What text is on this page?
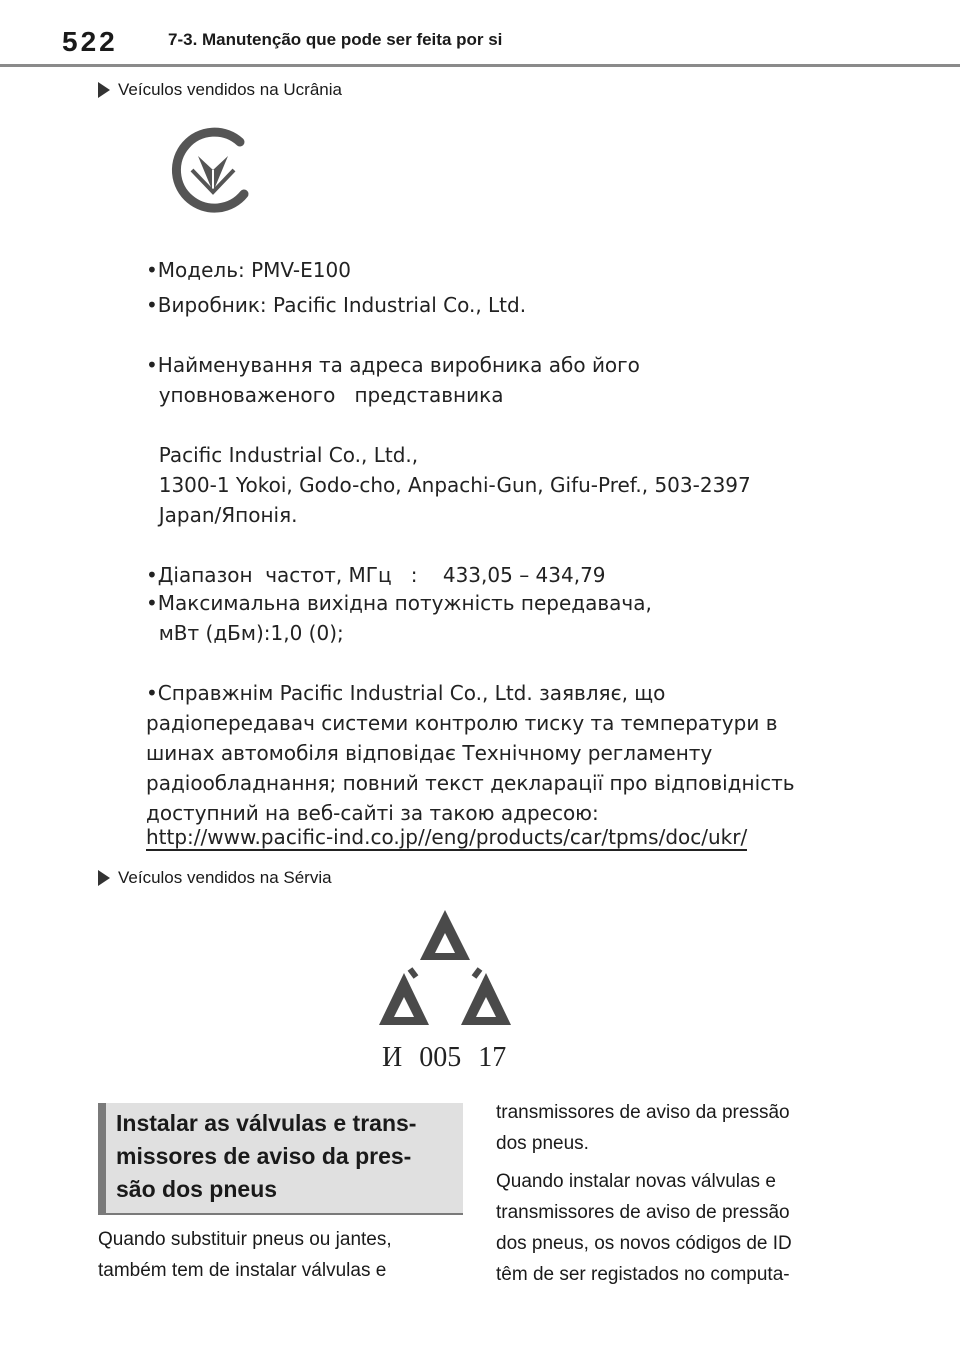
522	7-3. Manutenção que pode ser feita por si
Veículos vendidos na Ucrânia
•Модель: PMV-E100
•Виробник: Pacific Industrial Co., Ltd.
•Найменування та адреса виробника або його
уповноваженого   представника
Pacific Industrial Co., Ltd.,
1300-1 Yokoi, Godo-cho, Anpachi-Gun, Gifu-Pref., 503-2397
Japan/Японія.
•Діапазон  частот, МГц   :    433,05 – 434,79
•Максимальна вихідна потужність передавача,
мВт (дБм):1,0 (0);
•Справжнім Pacific Industrial Co., Ltd. заявляє, що
радіопередавач системи контролю тиску та температури в
шинах автомобіля відповідає Технічному регламенту
радіообладнання; повний текст декларації про відповідність
доступний на веб-сайті за такою адресою:
http://www.pacific-ind.co.jp//eng/products/car/tpms/doc/ukr/
Veículos vendidos na Sérvia
И 005 17
Instalar as válvulas e trans-
missores de aviso da pres-
são dos pneus
Quando substituir pneus ou jantes,
também tem de instalar válvulas e
transmissores de aviso da pressão
dos pneus.
Quando instalar novas válvulas e
transmissores de aviso de pressão
dos pneus, os novos códigos de ID
têm de ser registados no computa-
